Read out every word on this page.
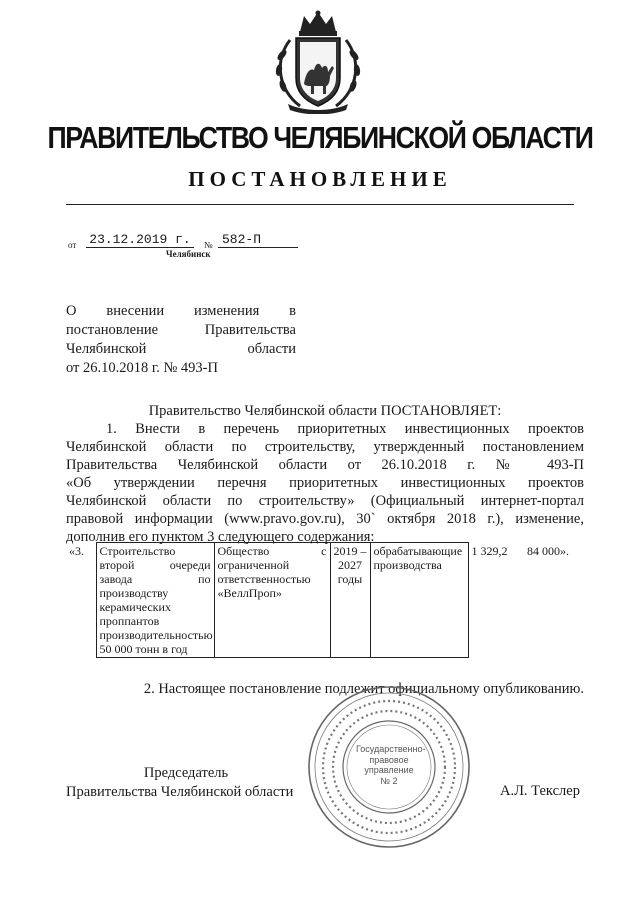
ПРАВИТЕЛЬСТВО ЧЕЛЯБИНСКОЙ ОБЛАСТИ
ПОСТАНОВЛЕНИЕ
от 23.12.2019 г.	№ 582-П
Челябинск
О внесении изменения в
постановление	Правительства
Челябинской	области
от 26.10.2018 г. № 493-П
Правительство Челябинской области ПОСТАНОВЛЯЕТ:
1. Внести в перечень приоритетных инвестиционных проектов
Челябинской области по строительству, утвержденный постановлением
Правительства Челябинской области от 26.10.2018 г. № 493-П
«Об утверждении перечня приоритетных инвестиционных проектов
Челябинской области по строительству» (Официальный интернет-портал
правовой информации (www.pravo.gov.ru), 30` октября 2018 г.), изменение,
дополнив его пунктом 3 следующего содержания:
«3.	Строительство второй очереди завода по производству керамических проппантов производительностью 50 000 тонн в год	Общество с ограниченной ответственностью «ВеллПроп»	2019 – 2027 годы	обрабатывающие производства	1 329,2	84 000».
2. Настоящее постановление подлежит официальному опубликованию.
Председатель
Правительства Челябинской области	А.Л. Текслер
Государственно-
правовое
управление
№ 2
